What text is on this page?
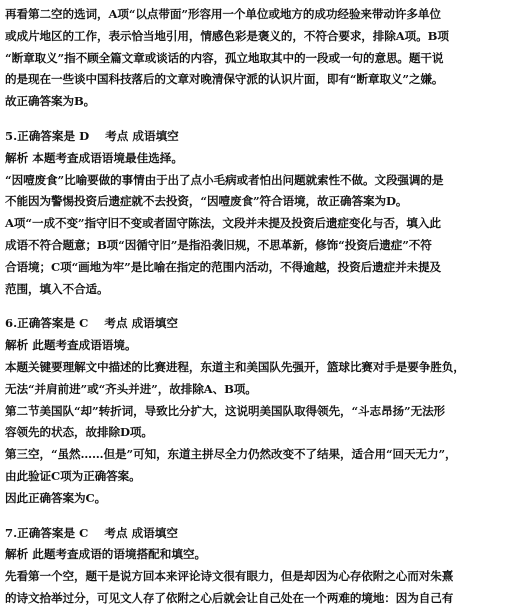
再看第二空的选词，A项“以点带面”形容用一个单位或地方的成功经验来带动许多单位

或成片地区的工作，表示恰当地引用，情感色彩是褒义的，不符合要求，排除A项。B项

“断章取义”指不顾全篇文章或谈话的内容，孤立地取其中的一段或一句的意思。题干说

的是现在一些谈中国科技落后的文章对晚清保守派的认识片面，即有“断章取义”之嫌。

故正确答案为B。

5.正确答案是 D 考点 成语填空

解析 本题考查成语语境最佳选择。

“因噎废食”比喻要做的事情由于出了点小毛病或者怕出问题就索性不做。文段强调的是

不能因为警惕投资后遗症就不去投资，“因噎废食”符合语境，故正确答案为D。

A项“一成不变”指守旧不变或者固守陈法，文段并未提及投资后遗症变化与否，填入此

成语不符合题意；B项“因循守旧”是指沿袭旧规，不思革新，修饰“投资后遗症”不符

合语境；C项“画地为牢”是比喻在指定的范围内活动，不得逾越，投资后遗症并未提及

范围，填入不合适。

6.正确答案是 C 考点 成语填空

解析 此题考查成语语境。

本题关键要理解文中描述的比赛进程，东道主和美国队先强开，篮球比赛对手是要争胜负，

无法“并肩前进”或“齐头并进”，故排除A、B项。

第二节美国队“却”转折词，导致比分扩大，这说明美国队取得领先，“斗志昂扬”无法形

容领先的状态，故排除D项。

第三空，“虽然……但是”可知，东道主拼尽全力仍然改变不了结果，适合用“回天无力”，

由此验证C项为正确答案。

因此正确答案为C。

7.正确答案是 C 考点 成语填空

解析 此题考查成语的语境搭配和填空。

先看第一个空，题干是说方回本来评论诗文很有眼力，但是却因为心存依附之心而对朱熹

的诗文拾举过分，可见文人存了依附之心后就会让自己处在一个两难的境地：因为自己有
